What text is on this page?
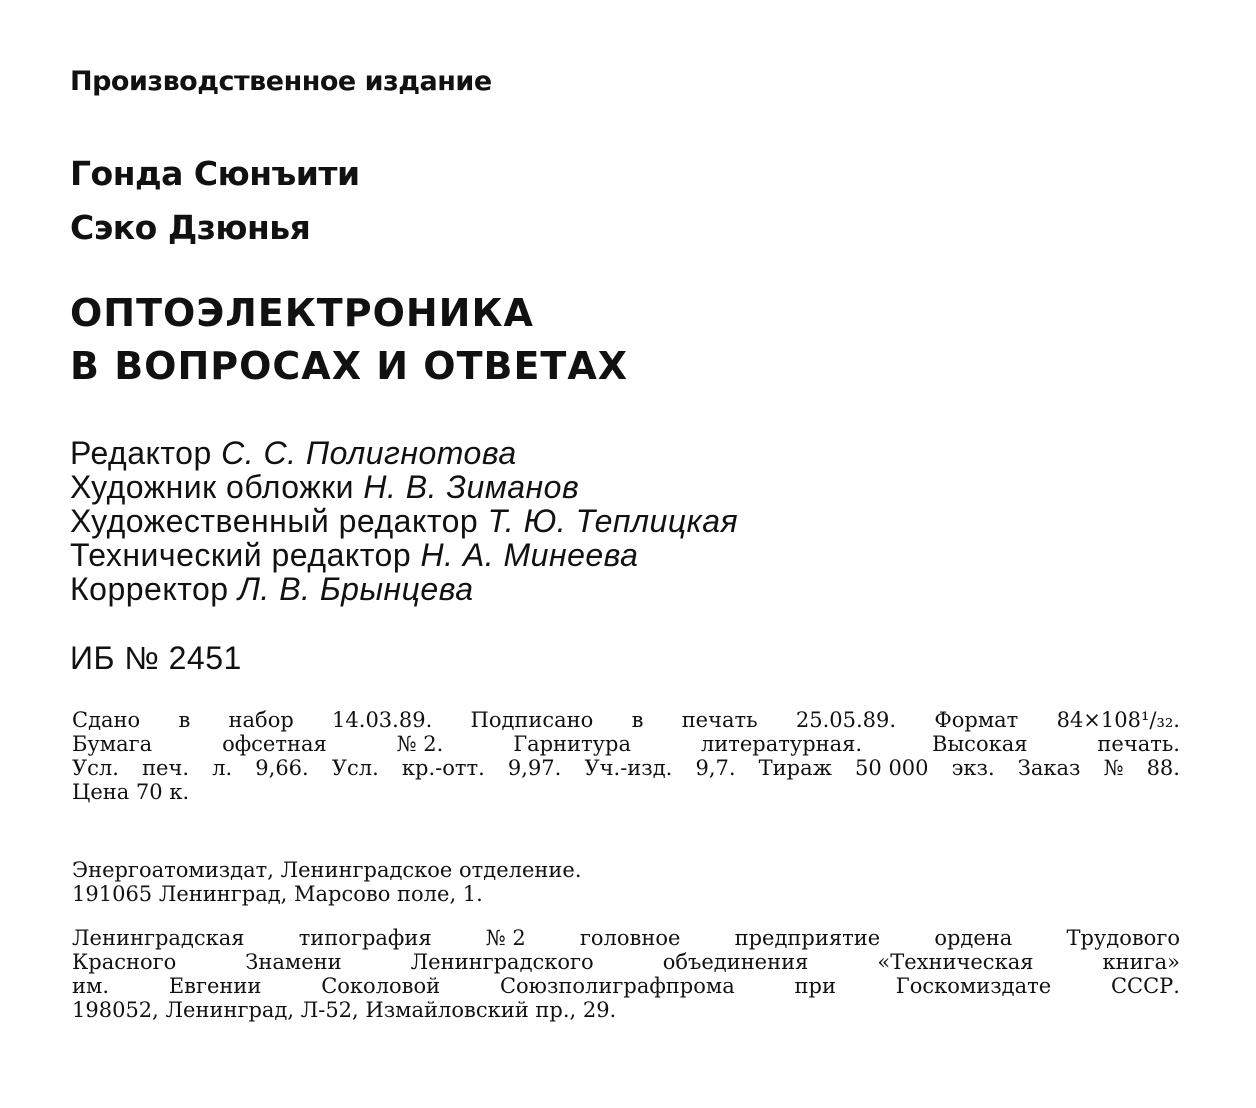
Производственное издание
Гонда Сюнъити
Сэко Дзюнья
ОПТОЭЛЕКТРОНИКА
В ВОПРОСАХ И ОТВЕТАХ
Редактор С. С. Полигнотова
Художник обложки Н. В. Зиманов
Художественный редактор Т. Ю. Теплицкая
Технический редактор Н. А. Минеева
Корректор Л. В. Брынцева
ИБ № 2451
Сдано в набор 14.03.89. Подписано в печать 25.05.89. Формат 84×108¹/₃₂.
Бумага	офсетная	№ 2.	Гарнитура	литературная.	Высокая	печать.
Усл. печ. л. 9,66. Усл. кр.-отт. 9,97. Уч.-изд. 9,7. Тираж 50 000 экз. Заказ № 88.
Цена 70 к.
Энергоатомиздат, Ленинградское отделение.
191065 Ленинград, Марсово поле, 1.
Ленинградская	типография	№ 2	головное	предприятие	ордена	Трудового
Красного	Знамени	Ленинградского	объединения	«Техническая	книга»
им.	Евгении	Соколовой	Союзполиграфпрома	при	Госкомиздате	СССР.
198052, Ленинград, Л-52, Измайловский пр., 29.
